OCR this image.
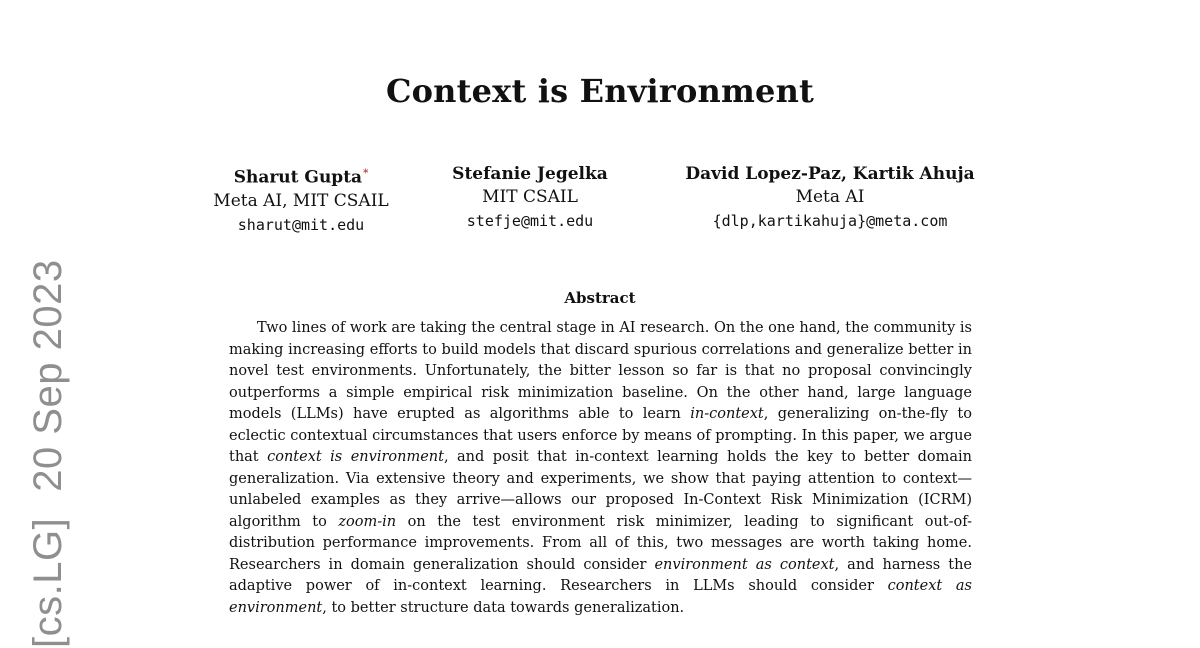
[cs.LG]20 Sep 2023
Context is Environment
Sharut Gupta*
Meta AI, MIT CSAIL
sharut@mit.edu
Stefanie Jegelka
MIT CSAIL
stefje@mit.edu
David Lopez-Paz, Kartik Ahuja
Meta AI
{dlp,kartikahuja}@meta.com
Abstract
Two lines of work are taking the central stage in AI research. On the one hand, the community is making increasing efforts to build models that discard spurious correlations and generalize better in novel test environments. Unfortunately, the bitter lesson so far is that no proposal convincingly outperforms a simple empirical risk minimization baseline. On the other hand, large language models (LLMs) have erupted as algorithms able to learn in-context, generalizing on-the-fly to eclectic contextual circumstances that users enforce by means of prompting. In this paper, we argue that context is environment, and posit that in-context learning holds the key to better domain generalization. Via extensive theory and experiments, we show that paying attention to context—unlabeled examples as they arrive—allows our proposed In-Context Risk Minimization (ICRM) algorithm to zoom-in on the test environment risk minimizer, leading to significant out-of-distribution performance improvements. From all of this, two messages are worth taking home. Researchers in domain generalization should consider environment as context, and harness the adaptive power of in-context learning. Researchers in LLMs should consider context as environment, to better structure data towards generalization.
